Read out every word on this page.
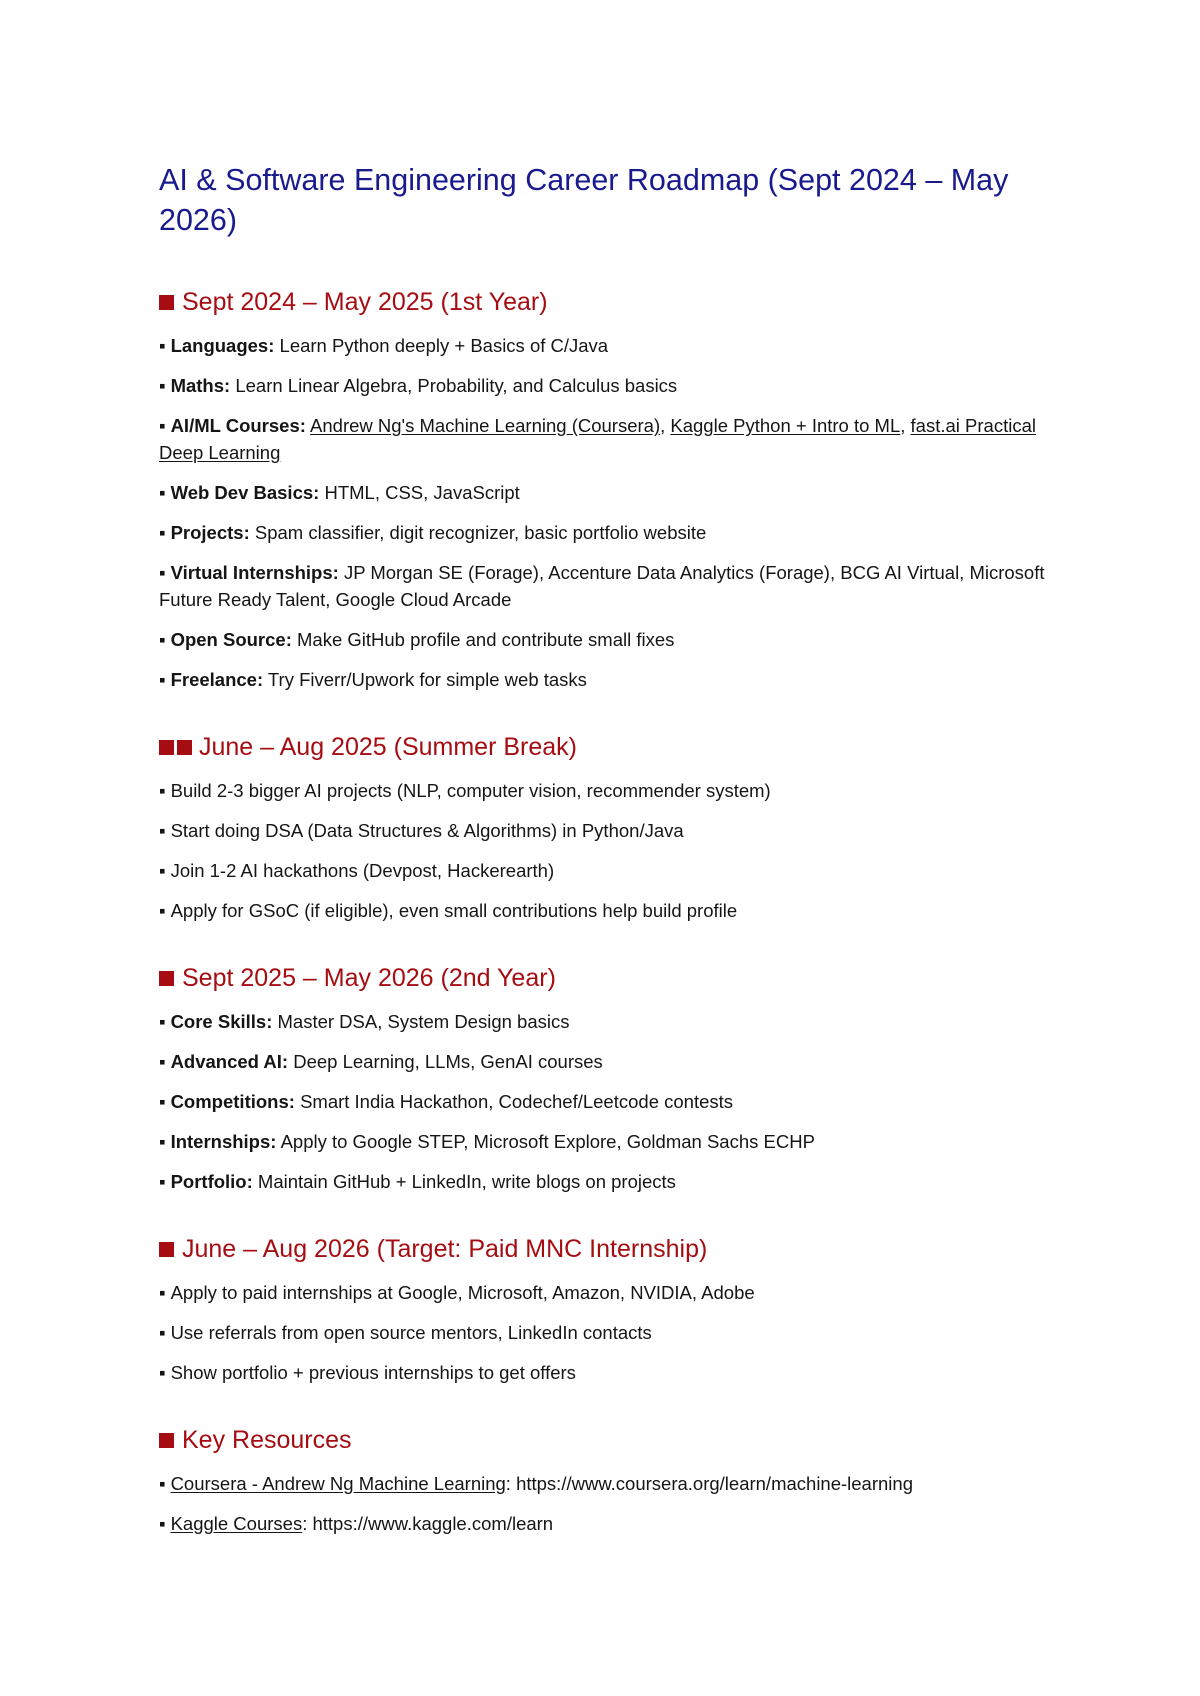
AI & Software Engineering Career Roadmap (Sept 2024 – May 2026)
Sept 2024 – May 2025 (1st Year)

▪ Languages: Learn Python deeply + Basics of C/Java

▪ Maths: Learn Linear Algebra, Probability, and Calculus basics

▪ AI/ML Courses: Andrew Ng's Machine Learning (Coursera), Kaggle Python + Intro to ML, fast.ai Practical Deep Learning

▪ Web Dev Basics: HTML, CSS, JavaScript

▪ Projects: Spam classifier, digit recognizer, basic portfolio website

▪ Virtual Internships: JP Morgan SE (Forage), Accenture Data Analytics (Forage), BCG AI Virtual, Microsoft Future Ready Talent, Google Cloud Arcade

▪ Open Source: Make GitHub profile and contribute small fixes

▪ Freelance: Try Fiverr/Upwork for simple web tasks

June – Aug 2025 (Summer Break)

▪ Build 2-3 bigger AI projects (NLP, computer vision, recommender system)

▪ Start doing DSA (Data Structures & Algorithms) in Python/Java

▪ Join 1-2 AI hackathons (Devpost, Hackerearth)

▪ Apply for GSoC (if eligible), even small contributions help build profile

Sept 2025 – May 2026 (2nd Year)

▪ Core Skills: Master DSA, System Design basics

▪ Advanced AI: Deep Learning, LLMs, GenAI courses

▪ Competitions: Smart India Hackathon, Codechef/Leetcode contests

▪ Internships: Apply to Google STEP, Microsoft Explore, Goldman Sachs ECHP

▪ Portfolio: Maintain GitHub + LinkedIn, write blogs on projects

June – Aug 2026 (Target: Paid MNC Internship)

▪ Apply to paid internships at Google, Microsoft, Amazon, NVIDIA, Adobe

▪ Use referrals from open source mentors, LinkedIn contacts

▪ Show portfolio + previous internships to get offers

Key Resources

▪ Coursera - Andrew Ng Machine Learning: https://www.coursera.org/learn/machine-learning

▪ Kaggle Courses: https://www.kaggle.com/learn
